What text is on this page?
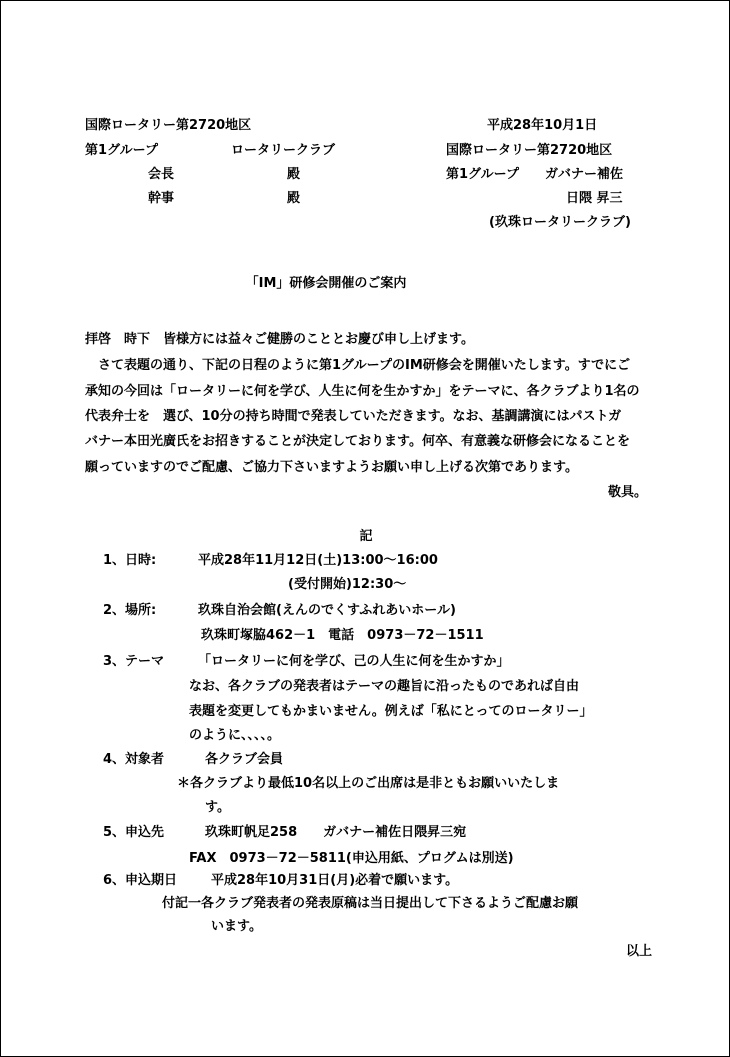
国際ロータリー第2720地区
第1グループ	ロータリークラブ
会長	殿
幹事	殿
平成28年10月1日
国際ロータリー第2720地区
第1グループ ガバナー補佐
日隈 昇三
(玖珠ロータリークラブ)
「IM」研修会開催のご案内
拝啓　時下　皆様方には益々ご健勝のこととお慶び申し上げます。
　さて表題の通り、下記の日程のように第1グループのIM研修会を開催いたします。すでにご
承知の今回は「ロータリーに何を学び、人生に何を生かすか」をテーマに、各クラブより1名の
代表弁士を　選び、10分の持ち時間で発表していただきます。なお、基調講演にはパストガ
バナー本田光廣氏をお招きすることが決定しております。何卒、有意義な研修会になることを
願っていますのでご配慮、ご協力下さいますようお願い申し上げる次第であります。
敬具。
記
1、日時:	平成28年11月12日(土)13:00～16:00
(受付開始)12:30～
2、場所:	玖珠自治会館(えんのでくすふれあいホール)
玖珠町塚脇462－1　電話　0973－72－1511
3、テーマ	「ロータリーに何を学び、己の人生に何を生かすか」
なお、各クラブの発表者はテーマの趣旨に沿ったものであれば自由
表題を変更してもかまいません。例えば「私にとってのロータリー」
のように、、、、。
4、対象者	各クラブ会員
＊各クラブより最低10名以上のご出席は是非ともお願いいたしま
す。
5、申込先	玖珠町帆足258　　ガバナー補佐日隈昇三宛
FAX　0973－72－5811(申込用紙、プログムは別送)
6、申込期日	平成28年10月31日(月)必着で願います。
付記一各クラブ発表者の発表原稿は当日提出して下さるようご配慮お願
います。
以上
